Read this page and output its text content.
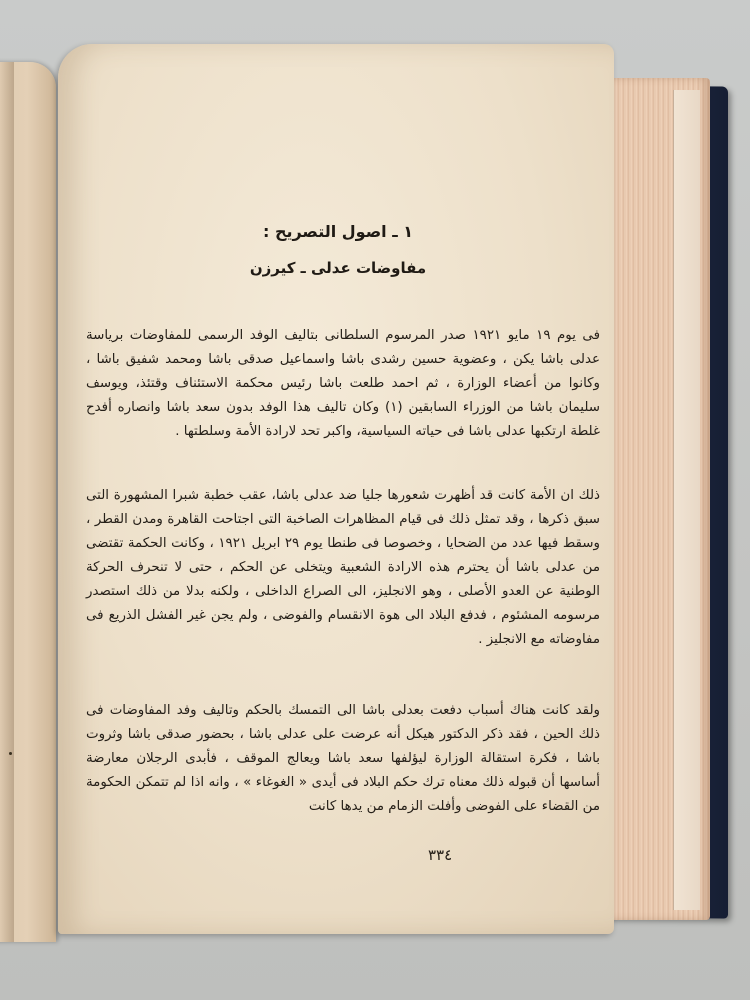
١ ـ اصول التصريح :
مفاوضات عدلى ـ كيرزن
فى يوم ١٩ مايو ١٩٢١ صدر المرسوم السلطانى بتاليف الوفد الرسمى للمفاوضات برياسة عدلى باشا يكن ، وعضوية حسين رشدى باشا واسماعيل صدقى باشا ومحمد شفيق باشا ، وكانوا من أعضاء الوزارة ، ثم احمد طلعت باشا رئيس محكمة الاستئناف وقتئذ، ويوسف سليمان باشا من الوزراء السابقين (١) وكان تاليف هذا الوفد بدون سعد باشا وانصاره أفدح غلطة ارتكبها عدلى باشا فى حياته السياسية، واكبر تحد لارادة الأمة وسلطتها .
ذلك ان الأمة كانت قد أظهرت شعورها جليا ضد عدلى باشا، عقب خطبة شبرا المشهورة التى سبق ذكرها ، وقد تمثل ذلك فى قيام المظاهرات الصاخبة التى اجتاحت القاهرة ومدن القطر ، وسقط فيها عدد من الضحايا ، وخصوصا فى طنطا يوم ٢٩ ابريل ١٩٢١ ، وكانت الحكمة تقتضى من عدلى باشا أن يحترم هذه الارادة الشعبية ويتخلى عن الحكم ، حتى لا تنحرف الحركة الوطنية عن العدو الأصلى ، وهو الانجليز، الى الصراع الداخلى ، ولكنه بدلا من ذلك استصدر مرسومه المشئوم ، فدفع البلاد الى هوة الانقسام والفوضى ، ولم يجن غير الفشل الذريع فى مفاوضاته مع الانجليز .
ولقد كانت هناك أسباب دفعت بعدلى باشا الى التمسك بالحكم وتاليف وفد المفاوضات فى ذلك الحين ، فقد ذكر الدكتور هيكل أنه عرضت على عدلى باشا ، بحضور صدقى باشا وثروت باشا ، فكرة استقالة الوزارة ليؤلفها سعد باشا ويعالج الموقف ، فأبدى الرجلان معارضة أساسها أن قبوله ذلك معناه ترك حكم البلاد فى أيدى « الغوغاء » ، وانه اذا لم تتمكن الحكومة من القضاء على الفوضى وأفلت الزمام من يدها كانت
٣٣٤
